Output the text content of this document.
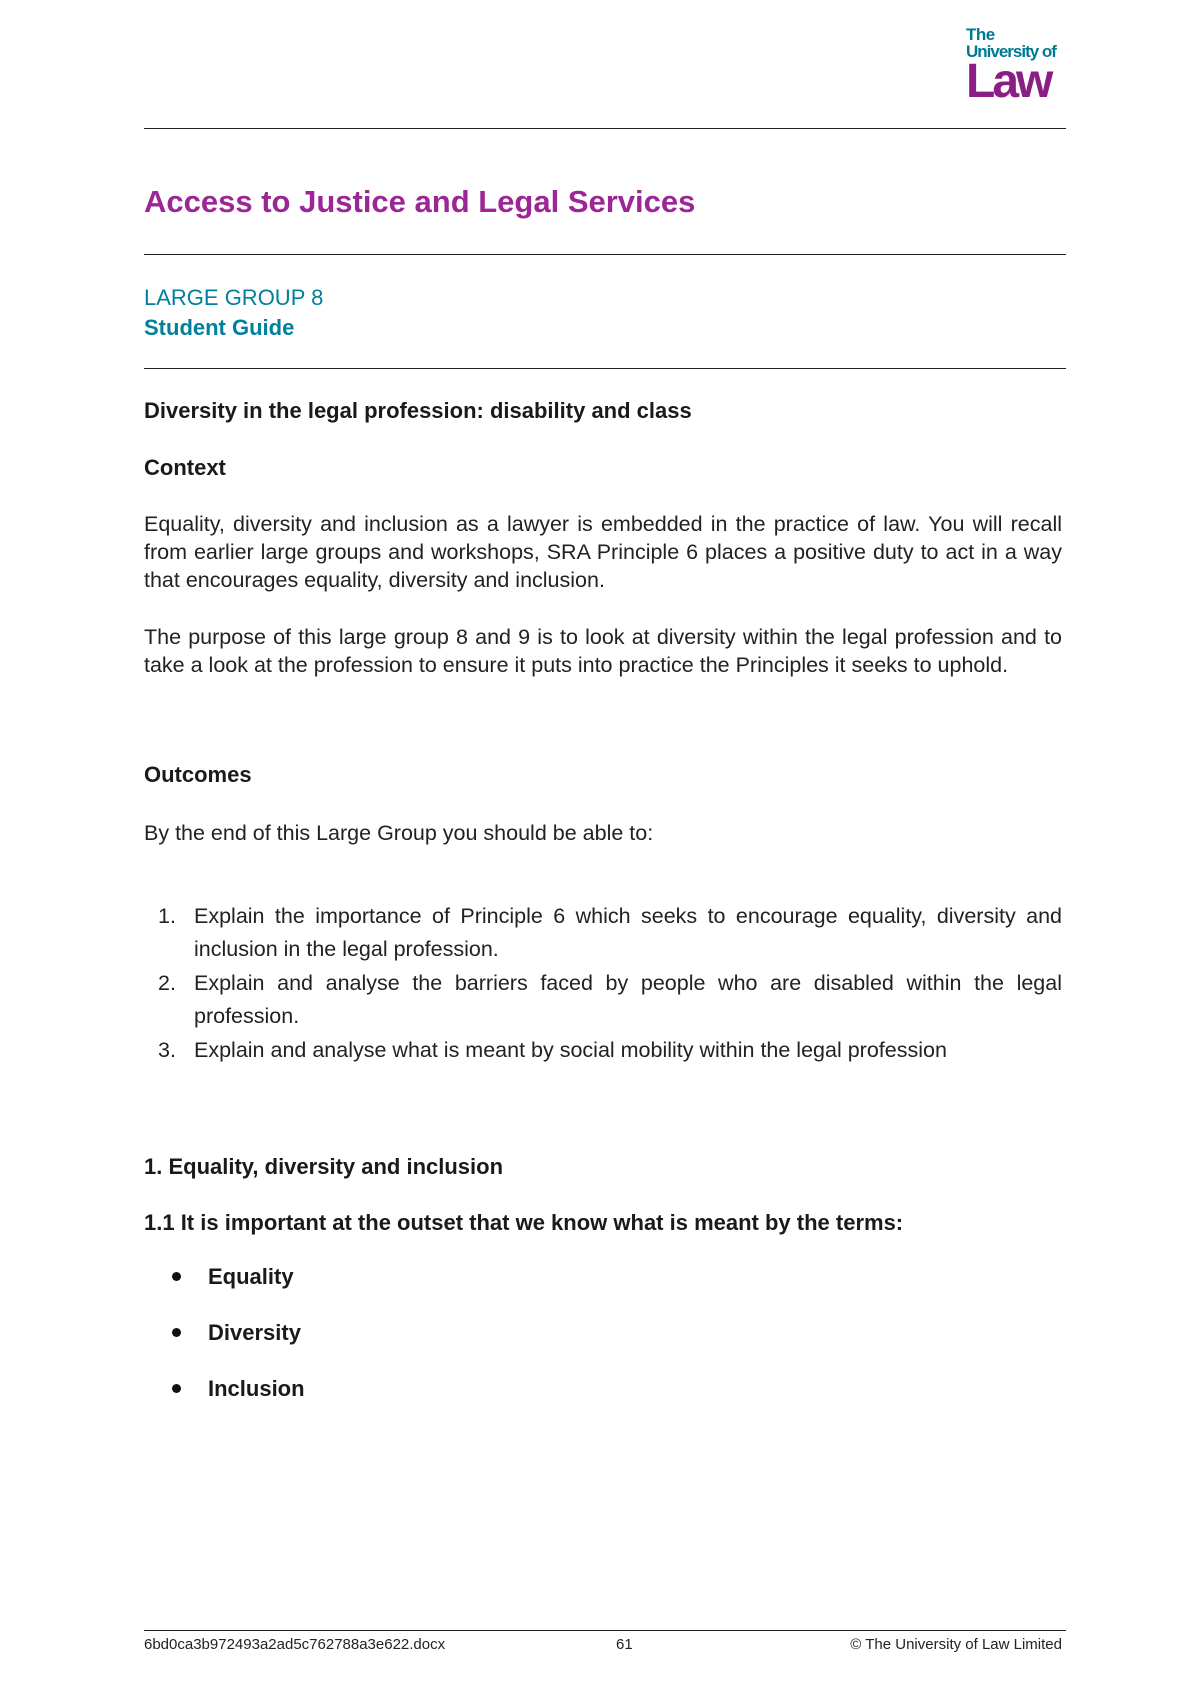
The
University of
Law
Access to Justice and Legal Services
LARGE GROUP 8
Student Guide
Diversity in the legal profession: disability and class
Context

Equality, diversity and inclusion as a lawyer is embedded in the practice of law. You will recall from earlier large groups and workshops, SRA Principle 6 places a positive duty to act in a way that encourages equality, diversity and inclusion.

The purpose of this large group 8 and 9 is to look at diversity within the legal profession and to take a look at the profession to ensure it puts into practice the Principles it seeks to uphold.

Outcomes

By the end of this Large Group you should be able to:

1. Explain the importance of Principle 6 which seeks to encourage equality, diversity and inclusion in the legal profession.
2. Explain and analyse the barriers faced by people who are disabled within the legal profession.
3. Explain and analyse what is meant by social mobility within the legal profession
1. Equality, diversity and inclusion
1.1 It is important at the outset that we know what is meant by the terms:
Equality
Diversity
Inclusion
6bd0ca3b972493a2ad5c762788a3e622.docx	61	© The University of Law Limited
